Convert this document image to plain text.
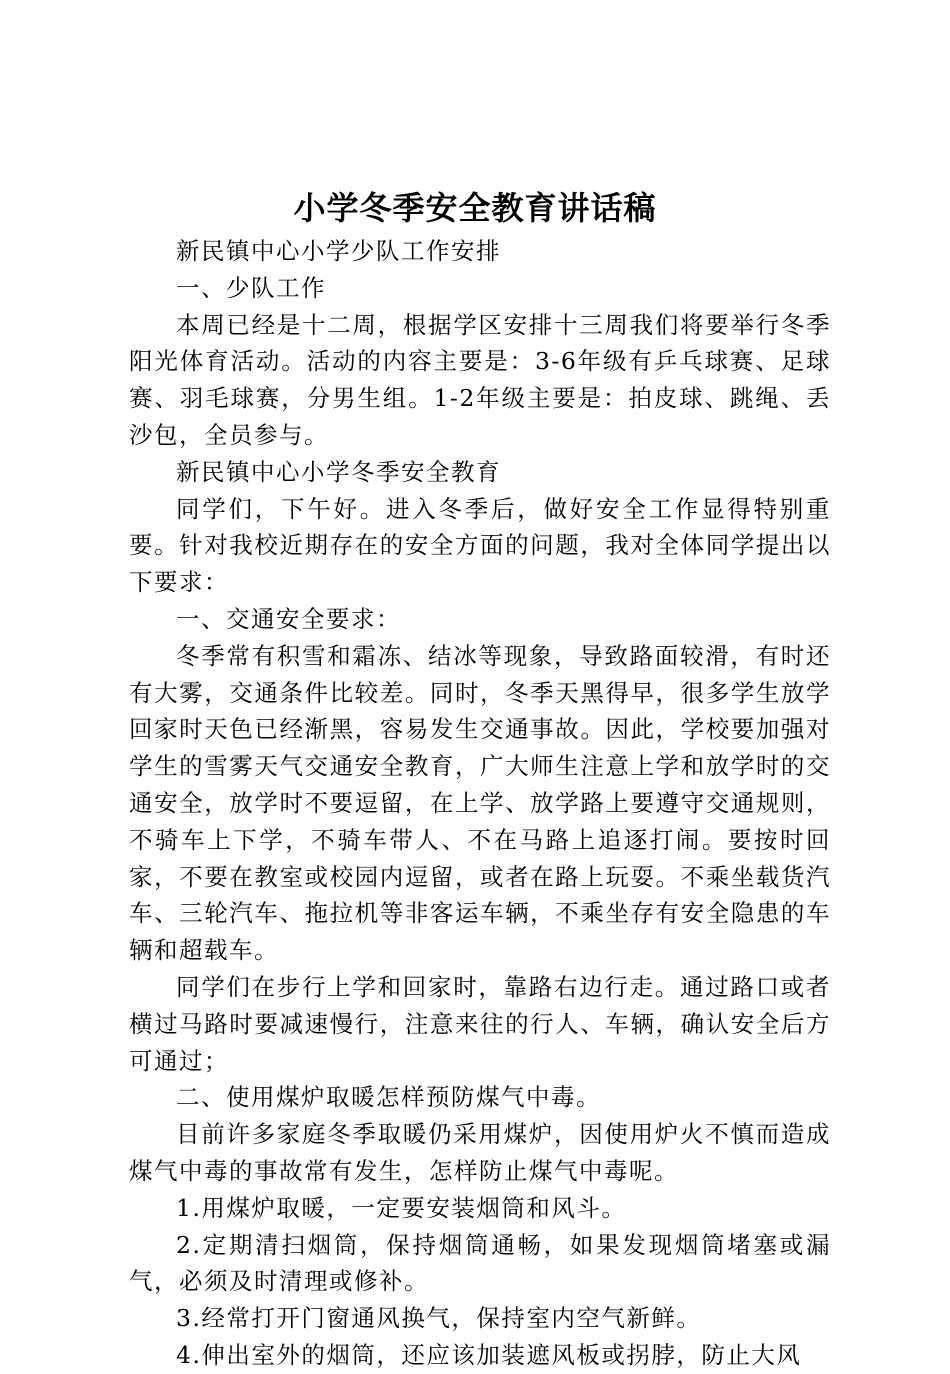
小学冬季安全教育讲话稿

新民镇中心小学少队工作安排

一、少队工作

本周已经是十二周，根据学区安排十三周我们将要举行冬季阳光体育活动。活动的内容主要是：3-6年级有乒乓球赛、足球赛、羽毛球赛，分男生组。1-2年级主要是：拍皮球、跳绳、丢沙包，全员参与。

新民镇中心小学冬季安全教育

同学们，下午好。进入冬季后，做好安全工作显得特别重要。针对我校近期存在的安全方面的问题，我对全体同学提出以下要求：

一、交通安全要求：

冬季常有积雪和霜冻、结冰等现象，导致路面较滑，有时还有大雾，交通条件比较差。同时，冬季天黑得早，很多学生放学回家时天色已经渐黑，容易发生交通事故。因此，学校要加强对学生的雪雾天气交通安全教育，广大师生注意上学和放学时的交通安全，放学时不要逗留，在上学、放学路上要遵守交通规则，不骑车上下学，不骑车带人、不在马路上追逐打闹。要按时回家，不要在教室或校园内逗留，或者在路上玩耍。不乘坐载货汽车、三轮汽车、拖拉机等非客运车辆，不乘坐存有安全隐患的车辆和超载车。

同学们在步行上学和回家时，靠路右边行走。通过路口或者横过马路时要减速慢行，注意来往的行人、车辆，确认安全后方可通过；

二、使用煤炉取暖怎样预防煤气中毒。

目前许多家庭冬季取暖仍采用煤炉，因使用炉火不慎而造成煤气中毒的事故常有发生，怎样防止煤气中毒呢。

1.用煤炉取暖，一定要安装烟筒和风斗。

2.定期清扫烟筒，保持烟筒通畅，如果发现烟筒堵塞或漏气，必须及时清理或修补。

3.经常打开门窗通风换气，保持室内空气新鲜。

4.伸出室外的烟筒，还应该加装遮风板或拐脖，防止大风
